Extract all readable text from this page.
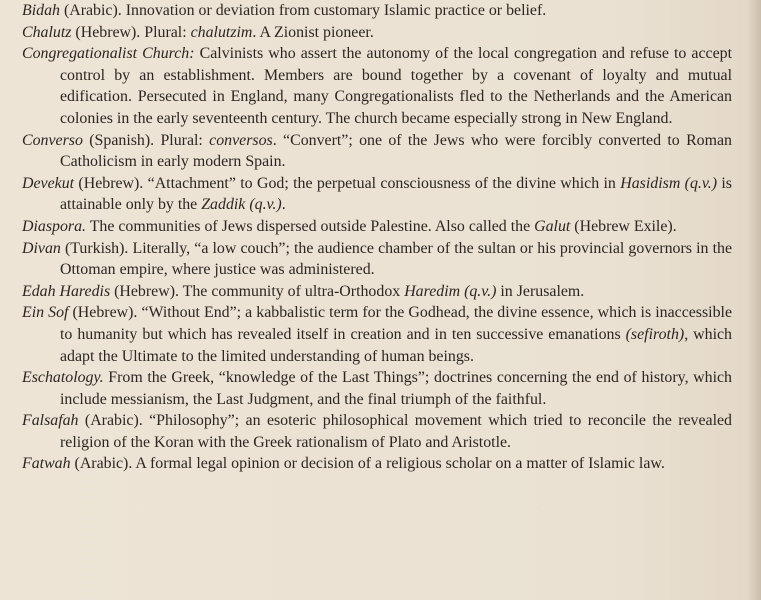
Bidah (Arabic). Innovation or deviation from customary Islamic practice or belief.

Chalutz (Hebrew). Plural: chalutzim. A Zionist pioneer.

Congregationalist Church: Calvinists who assert the autonomy of the local congregation and refuse to accept control by an establishment. Members are bound together by a covenant of loyalty and mutual edification. Persecuted in England, many Congregationalists fled to the Netherlands and the American colonies in the early seventeenth century. The church became especially strong in New England.

Converso (Spanish). Plural: conversos. “Convert”; one of the Jews who were forcibly converted to Roman Catholicism in early modern Spain.

Devekut (Hebrew). “Attachment” to God; the perpetual consciousness of the divine which in Hasidism (q.v.) is attainable only by the Zaddik (q.v.).

Diaspora. The communities of Jews dispersed outside Palestine. Also called the Galut (Hebrew Exile).

Divan (Turkish). Literally, “a low couch”; the audience chamber of the sultan or his provincial governors in the Ottoman empire, where justice was administered.

Edah Haredis (Hebrew). The community of ultra-Orthodox Haredim (q.v.) in Jerusalem.

Ein Sof (Hebrew). “Without End”; a kabbalistic term for the Godhead, the divine essence, which is inaccessible to humanity but which has revealed itself in creation and in ten successive emanations (sefiroth), which adapt the Ultimate to the limited understanding of human beings.

Eschatology. From the Greek, “knowledge of the Last Things”; doctrines concerning the end of history, which include messianism, the Last Judgment, and the final triumph of the faithful.

Falsafah (Arabic). “Philosophy”; an esoteric philosophical movement which tried to reconcile the revealed religion of the Koran with the Greek rationalism of Plato and Aristotle.

Fatwah (Arabic). A formal legal opinion or decision of a religious scholar on a matter of Islamic law.
